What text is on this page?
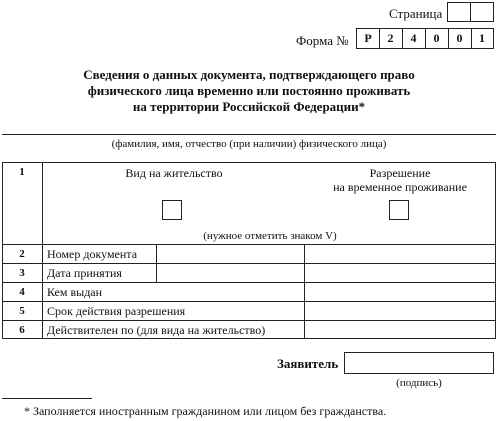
Страница
Форма №	Р	2	4	0	0	1
Сведения о данных документа, подтверждающего право
физического лица временно или постоянно проживать
на территории Российской Федерации*
(фамилия, имя, отчество (при наличии) физического лица)
1	Вид на жительство	Разрешение
на временное проживание
(нужное отметить знаком V)
2	Номер документа
3	Дата принятия
4	Кем выдан
5	Срок действия разрешения
6	Действителен по (для вида на жительство)
Заявитель
(подпись)
* Заполняется иностранным гражданином или лицом без гражданства.
